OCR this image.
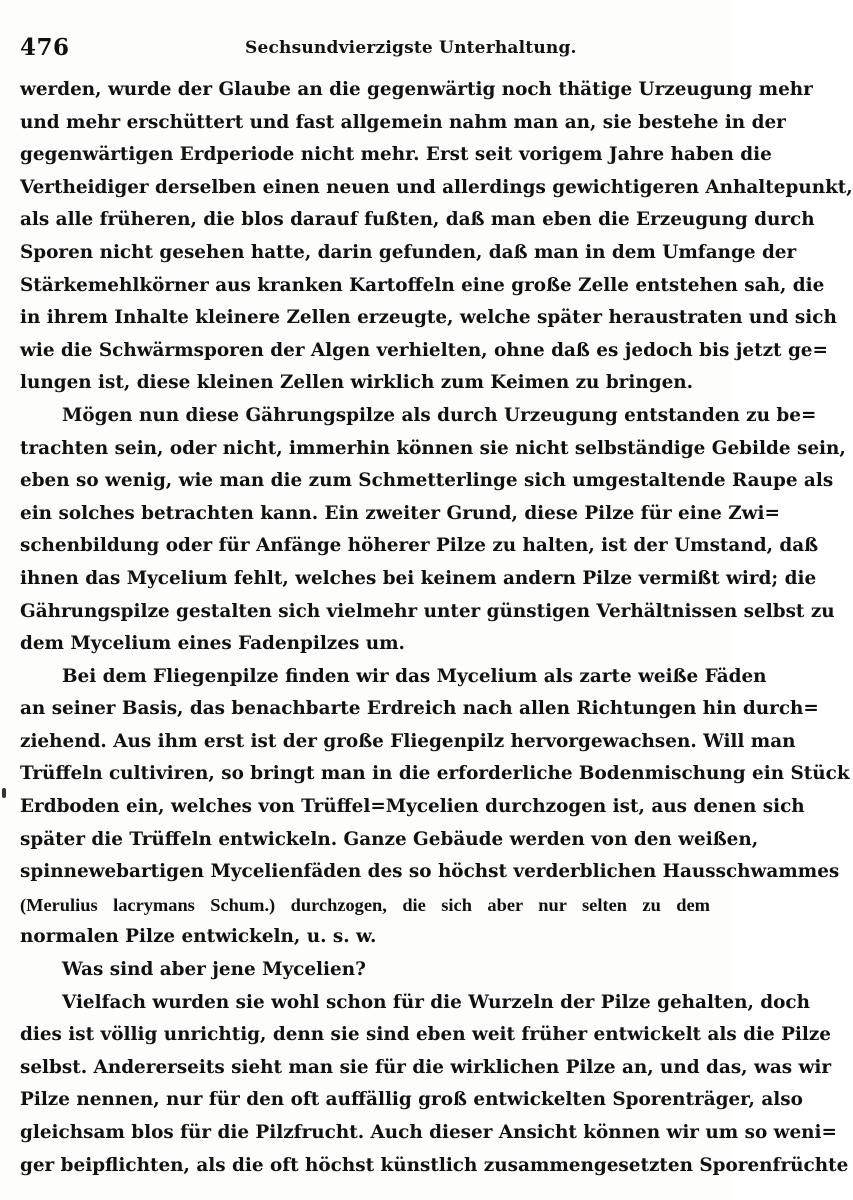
476	Sechsundvierzigste Unterhaltung.
werden, wurde der Glaube an die gegenwärtig noch thätige Urzeugung mehr
und mehr erschüttert und fast allgemein nahm man an, sie bestehe in der
gegenwärtigen Erdperiode nicht mehr. Erst seit vorigem Jahre haben die
Vertheidiger derselben einen neuen und allerdings gewichtigeren Anhaltepunkt,
als alle früheren, die blos darauf fußten, daß man eben die Erzeugung durch
Sporen nicht gesehen hatte, darin gefunden, daß man in dem Umfange der
Stärkemehlkörner aus kranken Kartoffeln eine große Zelle entstehen sah, die
in ihrem Inhalte kleinere Zellen erzeugte, welche später heraustraten und sich
wie die Schwärmsporen der Algen verhielten, ohne daß es jedoch bis jetzt ge=
lungen ist, diese kleinen Zellen wirklich zum Keimen zu bringen.
Mögen nun diese Gährungspilze als durch Urzeugung entstanden zu be=
trachten sein, oder nicht, immerhin können sie nicht selbständige Gebilde sein,
eben so wenig, wie man die zum Schmetterlinge sich umgestaltende Raupe als
ein solches betrachten kann. Ein zweiter Grund, diese Pilze für eine Zwi=
schenbildung oder für Anfänge höherer Pilze zu halten, ist der Umstand, daß
ihnen das Mycelium fehlt, welches bei keinem andern Pilze vermißt wird; die
Gährungspilze gestalten sich vielmehr unter günstigen Verhältnissen selbst zu
dem Mycelium eines Fadenpilzes um.
Bei dem Fliegenpilze finden wir das Mycelium als zarte weiße Fäden
an seiner Basis, das benachbarte Erdreich nach allen Richtungen hin durch=
ziehend. Aus ihm erst ist der große Fliegenpilz hervorgewachsen. Will man
Trüffeln cultiviren, so bringt man in die erforderliche Bodenmischung ein Stück
Erdboden ein, welches von Trüffel=Mycelien durchzogen ist, aus denen sich
später die Trüffeln entwickeln. Ganze Gebäude werden von den weißen,
spinnewebartigen Mycelienfäden des so höchst verderblichen Hausschwammes
(Merulius lacrymans Schum.) durchzogen, die sich aber nur selten zu dem
normalen Pilze entwickeln, u. s. w.
Was sind aber jene Mycelien?
Vielfach wurden sie wohl schon für die Wurzeln der Pilze gehalten, doch
dies ist völlig unrichtig, denn sie sind eben weit früher entwickelt als die Pilze
selbst. Andererseits sieht man sie für die wirklichen Pilze an, und das, was wir
Pilze nennen, nur für den oft auffällig groß entwickelten Sporenträger, also
gleichsam blos für die Pilzfrucht. Auch dieser Ansicht können wir um so weni=
ger beipflichten, als die oft höchst künstlich zusammengesetzten Sporenfrüchte
